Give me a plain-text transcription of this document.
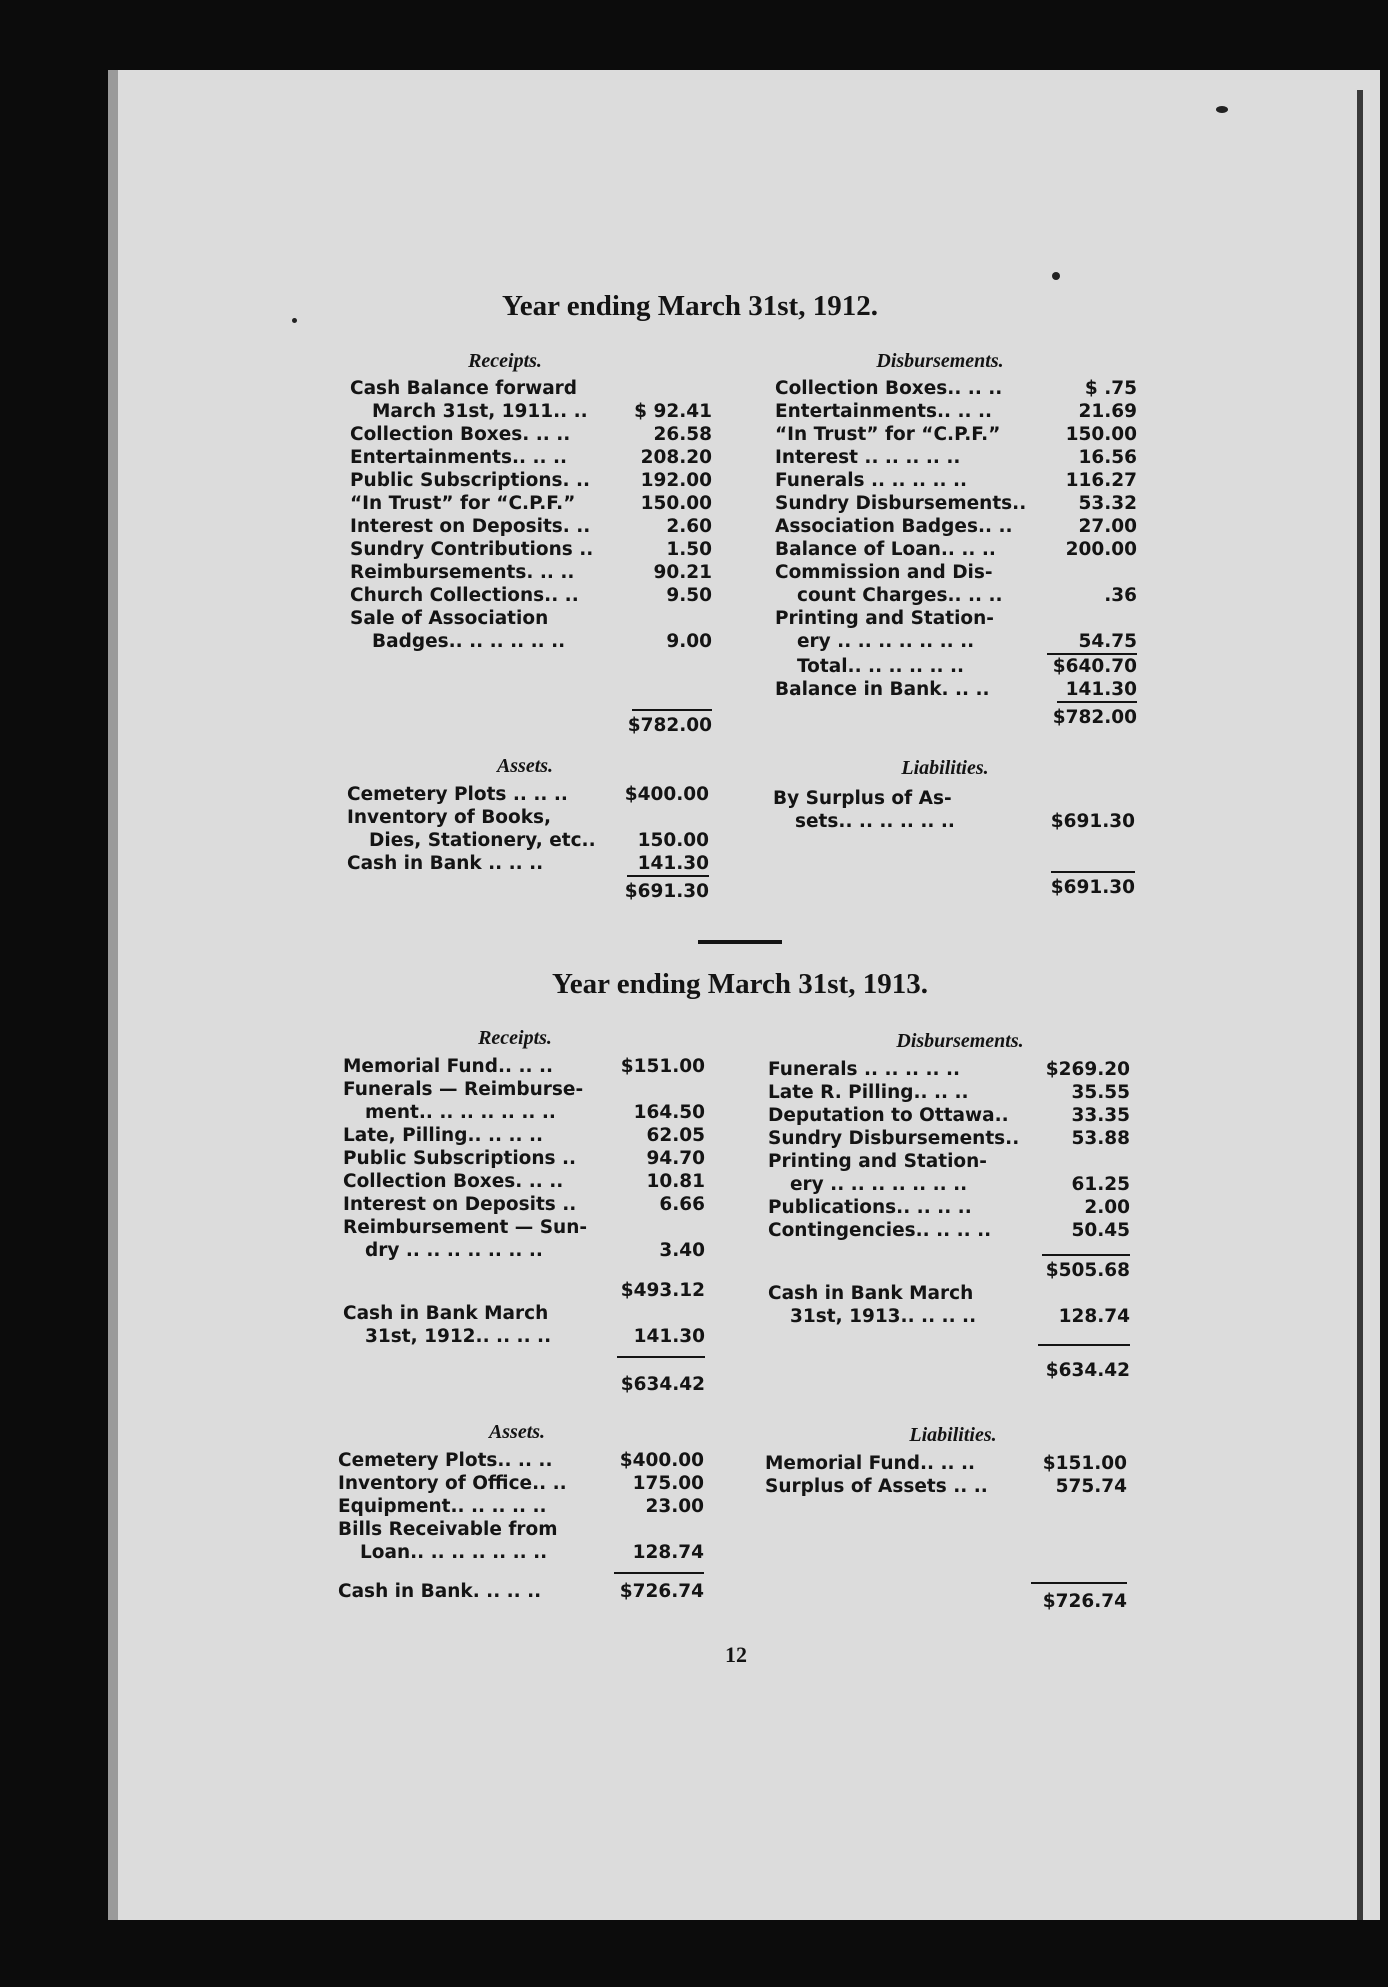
Year ending March 31st, 1912.
Receipts.	Disbursements.
Cash Balance forward
March 31st, 1911.. ..	$ 92.41
Collection Boxes. .. ..	26.58
Entertainments.. .. ..	208.20
Public Subscriptions. ..	192.00
“In Trust” for “C.P.F.”	150.00
Interest on Deposits. ..	2.60
Sundry Contributions ..	1.50
Reimbursements. .. ..	90.21
Church Collections.. ..	9.50
Sale of Association
Badges.. .. .. .. .. ..	9.00
$782.00
Collection Boxes.. .. ..	$ .75
Entertainments.. .. ..	21.69
“In Trust” for “C.P.F.”	150.00
Interest .. .. .. .. ..	16.56
Funerals .. .. .. .. ..	116.27
Sundry Disbursements..	53.32
Association Badges.. ..	27.00
Balance of Loan.. .. ..	200.00
Commission and Dis-
count Charges.. .. ..	.36
Printing and Station-
ery .. .. .. .. .. .. ..	54.75
Total.. .. .. .. .. ..	$640.70
Balance in Bank. .. ..	141.30
$782.00
Assets.	Liabilities.
Cemetery Plots .. .. ..	$400.00
Inventory of Books,
Dies, Stationery, etc.. 150.00
Cash in Bank .. .. ..	141.30
$691.30
By Surplus of As-
sets.. .. .. .. .. ..	$691.30
$691.30
Year ending March 31st, 1913.
Receipts.	Disbursements.
Memorial Fund.. .. ..	$151.00
Funerals — Reimburse-
ment.. .. .. .. .. .. ..	164.50
Late, Pilling.. .. .. ..	62.05
Public Subscriptions ..	94.70
Collection Boxes. .. ..	10.81
Interest on Deposits ..	6.66
Reimbursement — Sun-
dry .. .. .. .. .. .. ..	3.40
$493.12
Cash in Bank March
31st, 1912.. .. .. ..	141.30
$634.42
Funerals .. .. .. .. ..	$269.20
Late R. Pilling.. .. ..	35.55
Deputation to Ottawa..	33.35
Sundry Disbursements..	53.88
Printing and Station-
ery .. .. .. .. .. .. ..	61.25
Publications.. .. .. ..	2.00
Contingencies.. .. .. ..	50.45
$505.68
Cash in Bank March
31st, 1913.. .. .. ..	128.74
$634.42
Assets.	Liabilities.
Cemetery Plots.. .. ..	$400.00
Inventory of Office.. ..	175.00
Equipment.. .. .. .. ..	23.00
Bills Receivable from
Loan.. .. .. .. .. .. ..	128.74
Cash in Bank. .. .. ..	$726.74
Memorial Fund.. .. ..	$151.00
Surplus of Assets .. ..	575.74
$726.74
12
